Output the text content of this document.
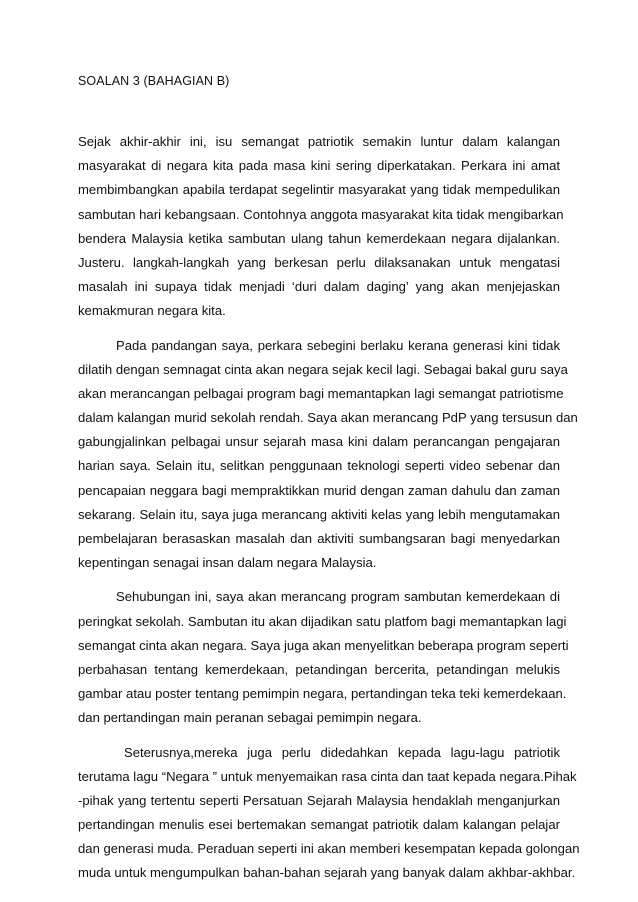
SOALAN 3 (BAHAGIAN B)
Sejak akhir-akhir ini, isu semangat patriotik semakin luntur dalam kalangan
masyarakat di negara kita pada masa kini sering diperkatakan. Perkara ini amat
membimbangkan apabila terdapat segelintir masyarakat yang tidak mempedulikan
sambutan hari kebangsaan. Contohnya anggota masyarakat kita tidak mengibarkan
bendera Malaysia ketika sambutan ulang tahun kemerdekaan negara dijalankan.
Justeru. langkah-langkah yang berkesan perlu dilaksanakan untuk mengatasi
masalah ini supaya tidak menjadi ‘duri dalam daging’ yang akan menjejaskan
kemakmuran negara kita.
Pada pandangan saya, perkara sebegini berlaku kerana generasi kini tidak
dilatih dengan semnagat cinta akan negara sejak kecil lagi. Sebagai bakal guru saya
akan merancangan pelbagai program bagi memantapkan lagi semangat patriotisme
dalam kalangan murid sekolah rendah. Saya akan merancang PdP yang tersusun dan
gabungjalinkan pelbagai unsur sejarah masa kini dalam perancangan pengajaran
harian saya. Selain itu, selitkan penggunaan teknologi seperti video sebenar dan
pencapaian neggara bagi mempraktikkan murid dengan zaman dahulu dan zaman
sekarang. Selain itu, saya juga merancang aktiviti kelas yang lebih mengutamakan
pembelajaran berasaskan masalah dan aktiviti sumbangsaran bagi menyedarkan
kepentingan senagai insan dalam negara Malaysia.
Sehubungan ini, saya akan merancang program sambutan kemerdekaan di
peringkat sekolah. Sambutan itu akan dijadikan satu platfom bagi memantapkan lagi
semangat cinta akan negara. Saya juga akan menyelitkan beberapa program seperti
perbahasan tentang kemerdekaan, petandingan bercerita, petandingan melukis
gambar atau poster tentang pemimpin negara, pertandingan teka teki kemerdekaan.
dan pertandingan main peranan sebagai pemimpin negara.
Seterusnya,mereka juga perlu didedahkan kepada lagu-lagu patriotik
terutama lagu “Negara ” untuk menyemaikan rasa cinta dan taat kepada negara.Pihak
-pihak yang tertentu seperti Persatuan Sejarah Malaysia hendaklah menganjurkan
pertandingan menulis esei bertemakan semangat patriotik dalam kalangan pelajar
dan generasi muda. Peraduan seperti ini akan memberi kesempatan kepada golongan
muda untuk mengumpulkan bahan-bahan sejarah yang banyak dalam akhbar-akhbar.
